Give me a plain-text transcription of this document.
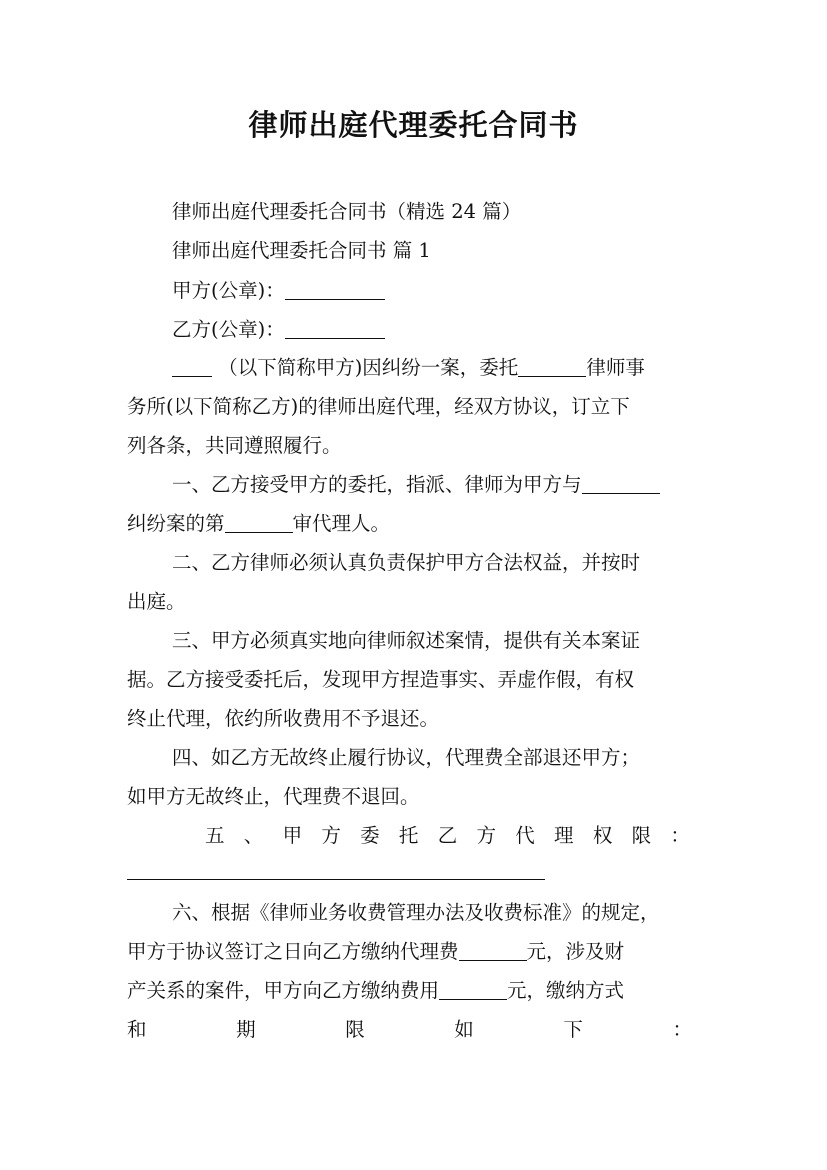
律师出庭代理委托合同书
律师出庭代理委托合同书（精选 24 篇）
律师出庭代理委托合同书 篇 1
甲方(公章)：
乙方(公章)：
（以下简称甲方)因纠纷一案，委托	律师事
务所(以下简称乙方)的律师出庭代理，经双方协议，订立下
列各条，共同遵照履行。
一、乙方接受甲方的委托，指派、律师为甲方与
纠纷案的第	审代理人。
二、乙方律师必须认真负责保护甲方合法权益，并按时
出庭。
三、甲方必须真实地向律师叙述案情，提供有关本案证
据。乙方接受委托后，发现甲方捏造事实、弄虚作假，有权
终止代理，依约所收费用不予退还。
四、如乙方无故终止履行协议，代理费全部退还甲方；
如甲方无故终止，代理费不退回。
五 、 甲 方 委 托 乙 方 代 理 权 限 ：
六、根据《律师业务收费管理办法及收费标准》的规定，
甲方于协议签订之日向乙方缴纳代理费	元，涉及财
产关系的案件，甲方向乙方缴纳费用	元，缴纳方式
和	期	限	如	下	：
